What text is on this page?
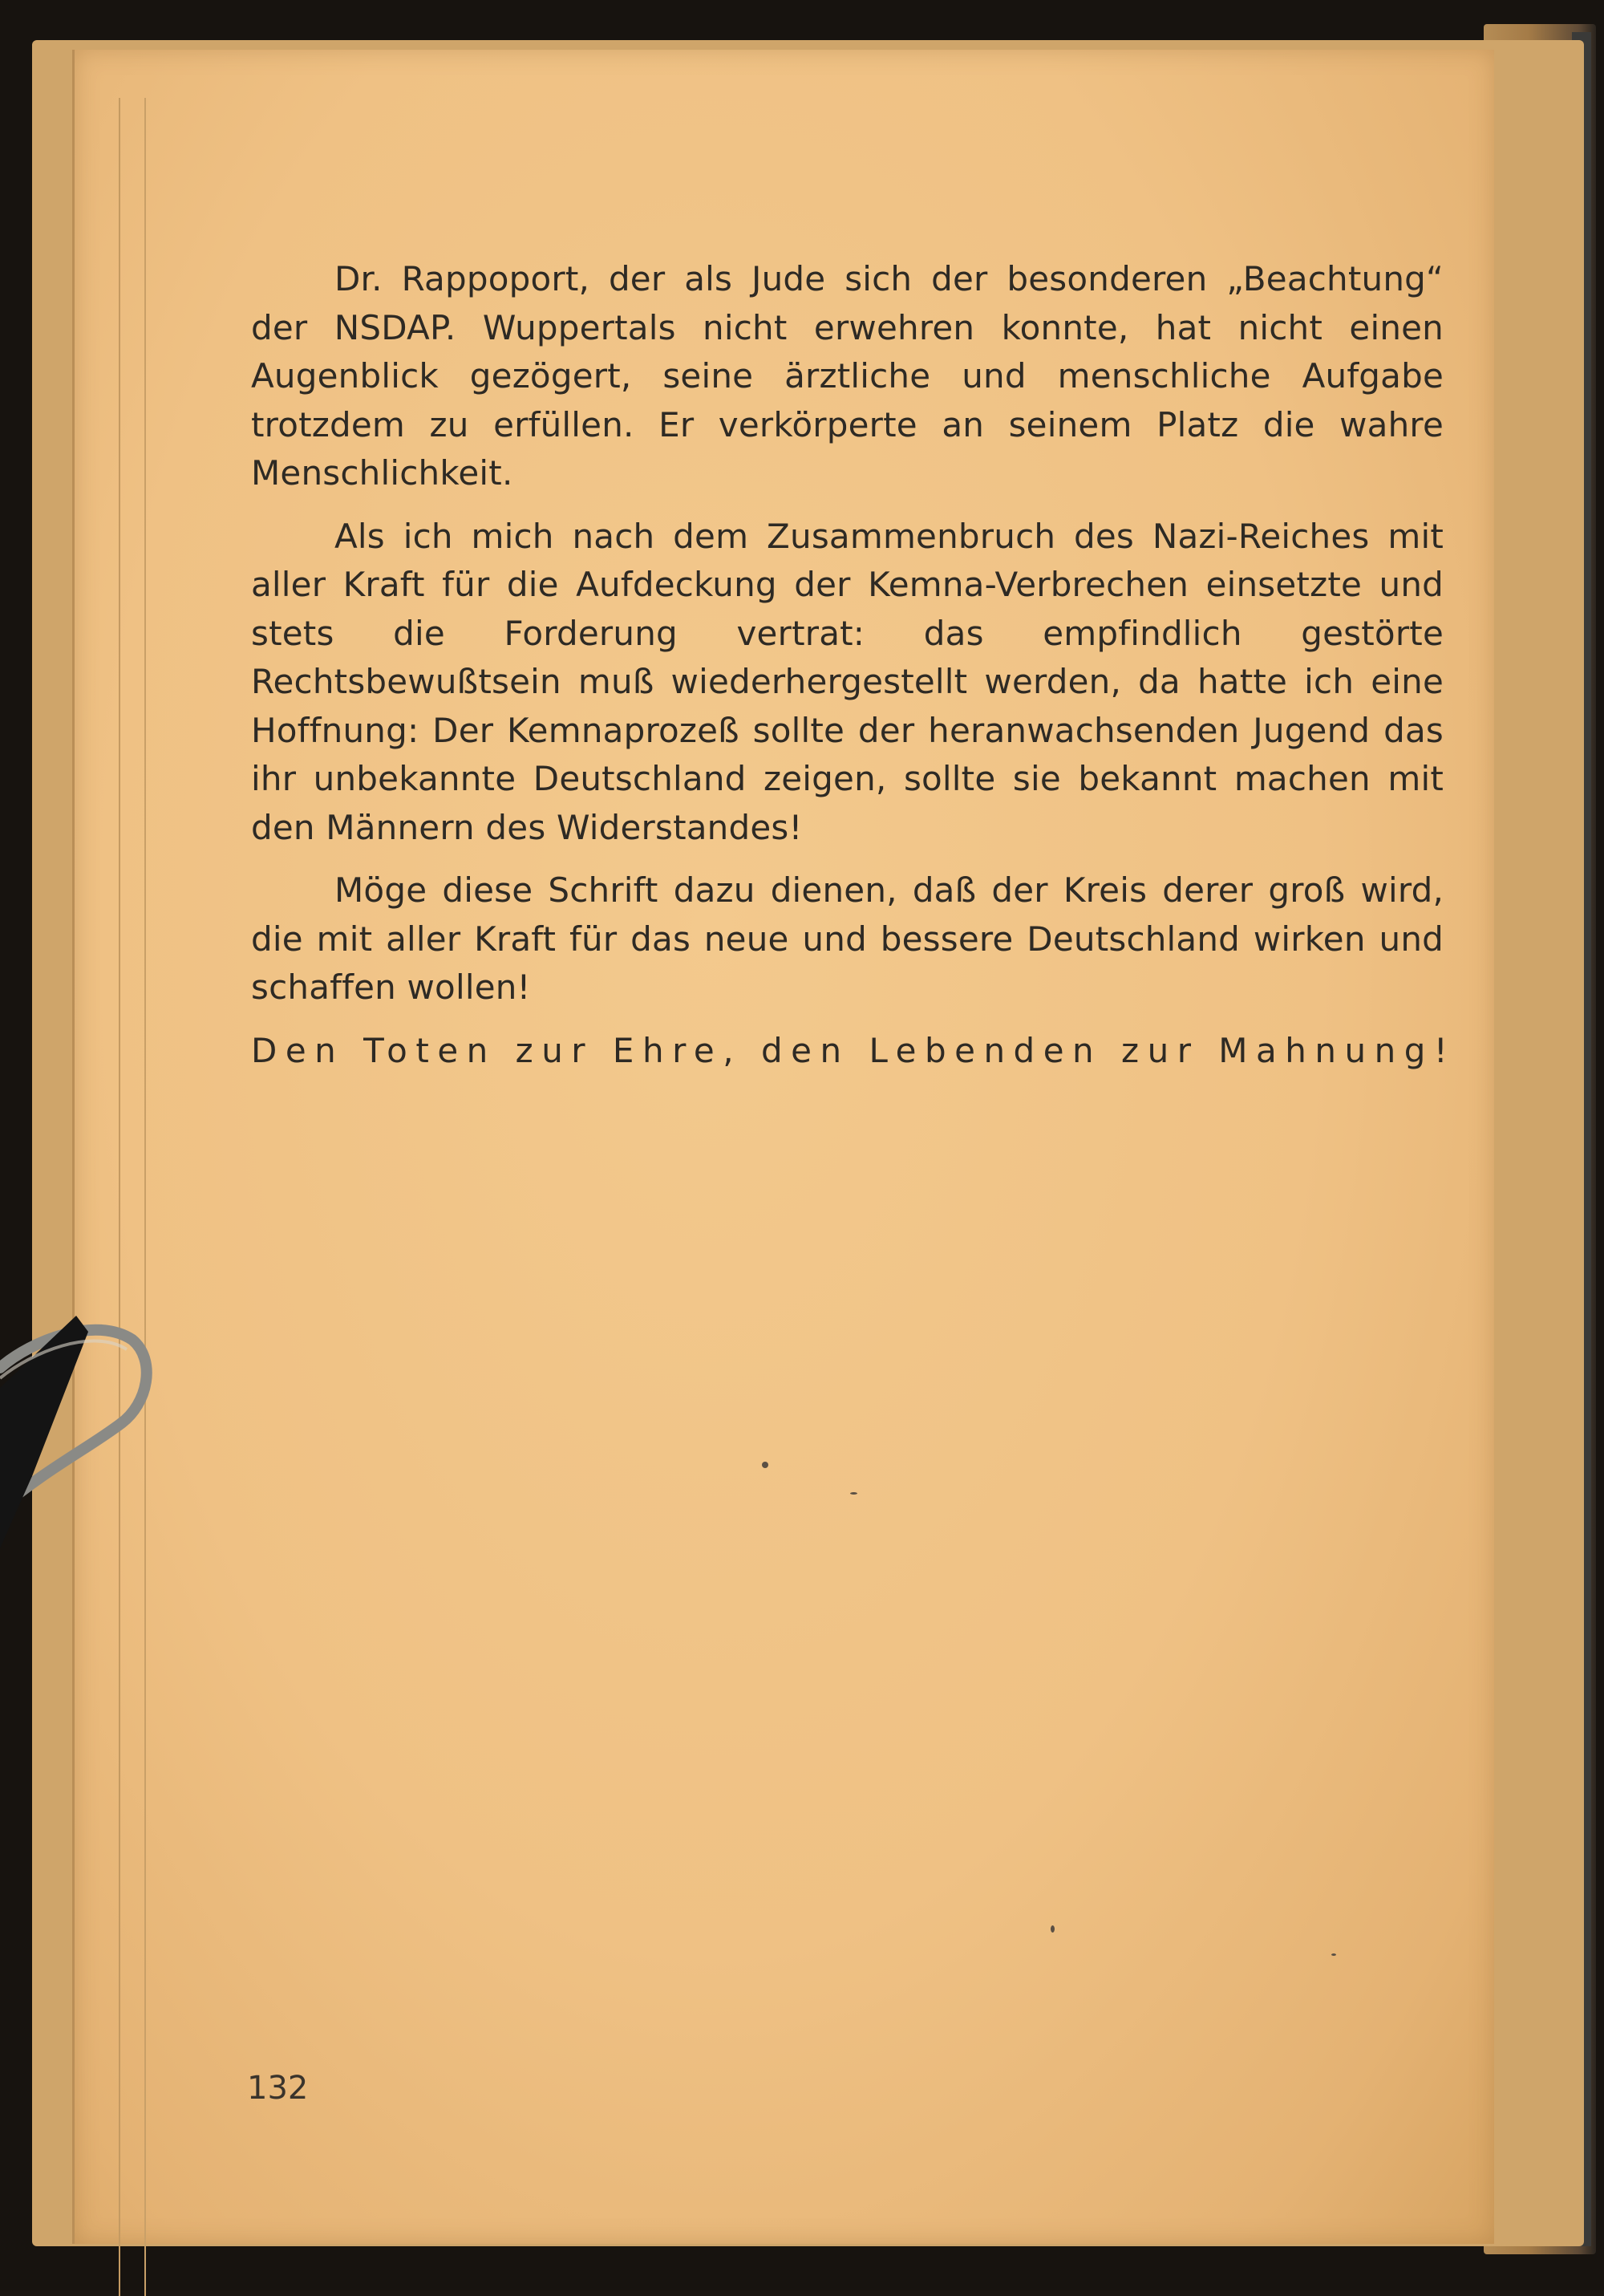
Dr. Rappoport, der als Jude sich der besonderen „Beachtung“ der NSDAP. Wuppertals nicht erwehren konnte, hat nicht einen Augenblick gezögert, seine ärztliche und menschliche Aufgabe trotzdem zu erfüllen. Er verkörperte an seinem Platz die wahre Menschlichkeit.

Als ich mich nach dem Zusammenbruch des Nazi-Reiches mit aller Kraft für die Aufdeckung der Kemna-Verbrechen einsetzte und stets die Forderung vertrat: das empfindlich gestörte Rechtsbewußtsein muß wiederhergestellt werden, da hatte ich eine Hoffnung: Der Kemnaprozeß sollte der heranwachsenden Jugend das ihr unbekannte Deutschland zeigen, sollte sie bekannt machen mit den Männern des Widerstandes!

Möge diese Schrift dazu dienen, daß der Kreis derer groß wird, die mit aller Kraft für das neue und bessere Deutschland wirken und schaffen wollen!

Den Toten zur Ehre, den Lebenden zur Mahnung!

132
